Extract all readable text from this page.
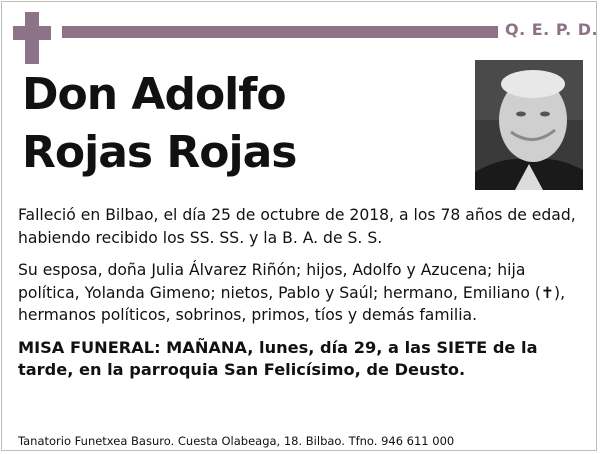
Q. E. P. D.
Don Adolfo
Rojas Rojas

Falleció en Bilbao, el día 25 de octubre de 2018, a los 78 años de edad, habiendo recibido los SS. SS. y la B. A. de S. S.

Su esposa, doña Julia Álvarez Riñón; hijos, Adolfo y Azucena; hija política, Yolanda Gimeno; nietos, Pablo y Saúl; hermano, Emiliano (✝), hermanos políticos, sobrinos, primos, tíos y demás familia.

MISA FUNERAL: MAÑANA, lunes, día 29, a las SIETE de la tarde, en la parroquia San Felicísimo, de Deusto.

Tanatorio Funetxea Basuro. Cuesta Olabeaga, 18. Bilbao. Tfno. 946 611 000
